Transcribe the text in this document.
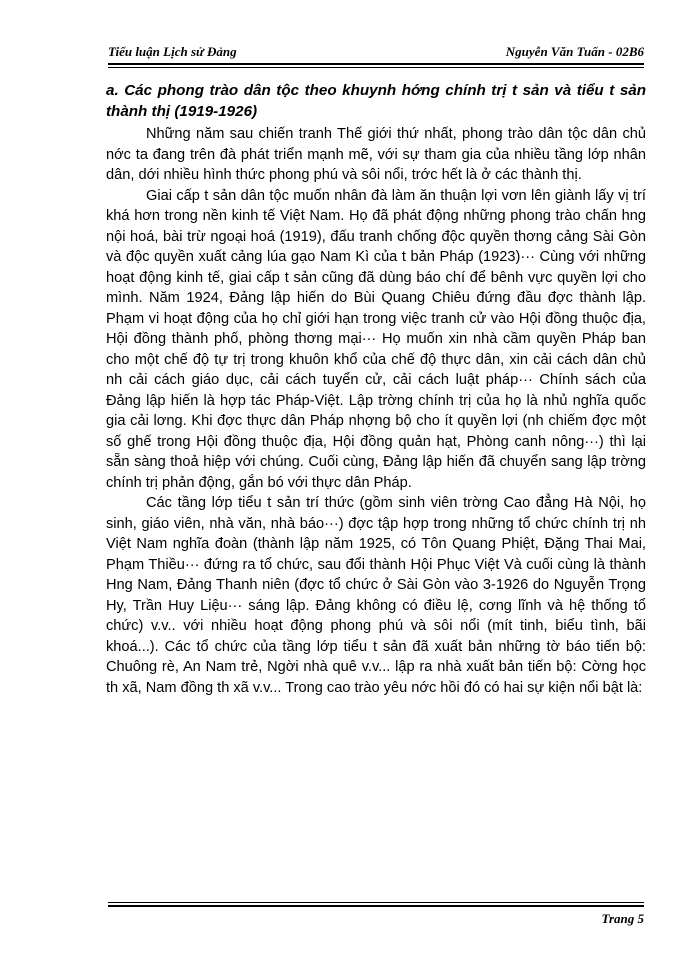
Tiểu luận Lịch sử Đảng	Nguyễn Văn Tuấn - 02B6

a. Các phong trào dân tộc theo khuynh hớng chính trị t sản và tiểu t sản thành thị (1919-1926)

Những năm sau chiến tranh Thế giới thứ nhất, phong trào dân tộc dân chủ nớc ta đang trên đà phát triển mạnh mẽ, với sự tham gia của nhiều tầng lớp nhân dân, dới nhiều hình thức phong phú và sôi nổi, trớc hết là ở các thành thị.

Giai cấp t sản dân tộc muốn nhân đà làm ăn thuận lợi vơn lên giành lấy vị trí khá hơn trong nền kinh tế Việt Nam. Họ đã phát động những phong trào chấn hng nội hoá, bài trừ ngoại hoá (1919), đấu tranh chống độc quyền thơng cảng Sài Gòn và độc quyền xuất cảng lúa gạo Nam Kì của t bản Pháp (1923)··· Cùng với những hoạt động kinh tế, giai cấp t sản cũng đã dùng báo chí để bênh vực quyền lợi cho mình. Năm 1924, Đảng lập hiến do Bùi Quang Chiêu đứng đầu đợc thành lập. Phạm vi hoạt động của họ chỉ giới hạn trong việc tranh cử vào Hội đồng thuộc địa, Hội đồng thành phố, phòng thơng mại··· Họ muốn xin nhà cầm quyền Pháp ban cho một chế độ tự trị trong khuôn khổ của chế độ thực dân, xin cải cách dân chủ nh cải cách giáo dục, cải cách tuyển cử, cải cách luật pháp··· Chính sách của Đảng lập hiến là hợp tác Pháp-Việt. Lập trờng chính trị của họ là nhủ nghĩa quốc gia cải lơng. Khi đợc thực dân Pháp nhợng bộ cho ít quyền lợi (nh chiếm đợc một số ghế trong Hội đồng thuộc địa, Hội đồng quản hạt, Phòng canh nông···) thì lại sẵn sàng thoả hiệp với chúng. Cuối cùng, Đảng lập hiến đã chuyển sang lập trờng chính trị phản động, gắn bó với thực dân Pháp.

Các tầng lớp tiểu t sản trí thức (gồm sinh viên trờng Cao đẳng Hà Nội, họ sinh, giáo viên, nhà văn, nhà báo···) đợc tập hợp trong những tổ chức chính trị nh Việt Nam nghĩa đoàn (thành lập năm 1925, có Tôn Quang Phiệt, Đặng Thai Mai, Phạm Thiều··· đứng ra tổ chức, sau đổi thành Hội Phục Việt Và cuối cùng là thành Hng Nam, Đảng Thanh niên (đợc tổ chức ở Sài Gòn vào 3-1926 do Nguyễn Trọng Hy, Trần Huy Liệu··· sáng lập. Đảng không có điều lệ, cơng lĩnh và hệ thống tổ chức) v.v.. với nhiều hoạt động phong phú và sôi nổi (mít tinh, biểu tình, bãi khoá...). Các tổ chức của tầng lớp tiểu t sản đã xuất bản những tờ báo tiến bộ: Chuông rè, An Nam trẻ, Ngời nhà quê v.v... lập ra nhà xuất bản tiến bộ: Cờng học th xã, Nam đồng th xã v.v... Trong cao trào yêu nớc hồi đó có hai sự kiện nổi bật là:

Trang 5
